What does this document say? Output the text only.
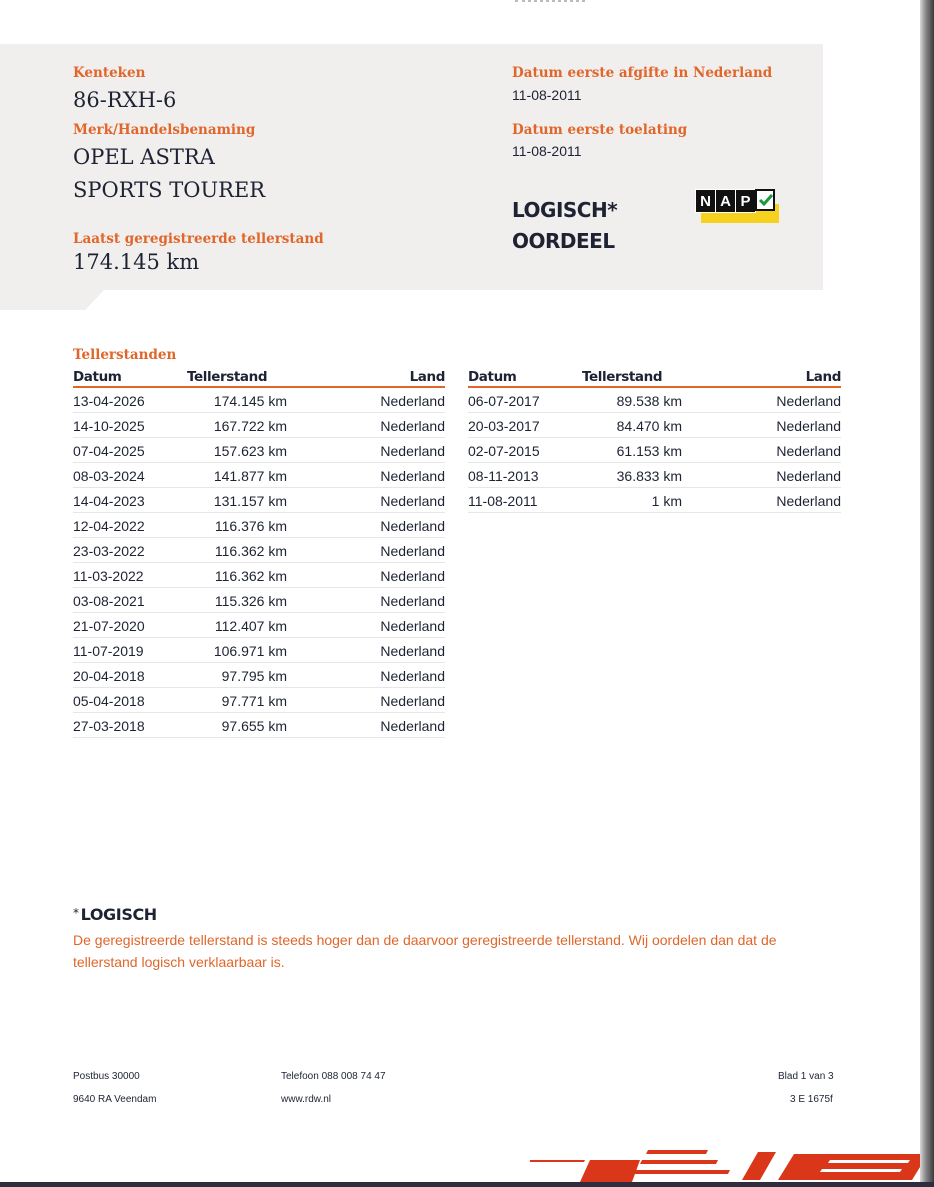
Kenteken
86-RXH-6
Merk/Handelsbenaming
OPEL ASTRA
SPORTS TOURER
Laatst geregistreerde tellerstand
174.145 km
Datum eerste afgifte in Nederland
11-08-2011
Datum eerste toelating
11-08-2011
LOGISCH*
OORDEEL
N A P
Tellerstanden
Datum	Tellerstand	Land
13-04-2026	174.145 km	Nederland
14-10-2025	167.722 km	Nederland
07-04-2025	157.623 km	Nederland
08-03-2024	141.877 km	Nederland
14-04-2023	131.157 km	Nederland
12-04-2022	116.376 km	Nederland
23-03-2022	116.362 km	Nederland
11-03-2022	116.362 km	Nederland
03-08-2021	115.326 km	Nederland
21-07-2020	112.407 km	Nederland
11-07-2019	106.971 km	Nederland
20-04-2018	97.795 km	Nederland
05-04-2018	97.771 km	Nederland
27-03-2018	97.655 km	Nederland
Datum	Tellerstand	Land
06-07-2017	89.538 km	Nederland
20-03-2017	84.470 km	Nederland
02-07-2015	61.153 km	Nederland
08-11-2013	36.833 km	Nederland
11-08-2011	1 km	Nederland
* LOGISCH
De geregistreerde tellerstand is steeds hoger dan de daarvoor geregistreerde tellerstand. Wij oordelen dan dat de tellerstand logisch verklaarbaar is.
Postbus 30000
9640 RA Veendam
Telefoon 088 008 74 47
www.rdw.nl
Blad 1 van 3
3 E 1675f
